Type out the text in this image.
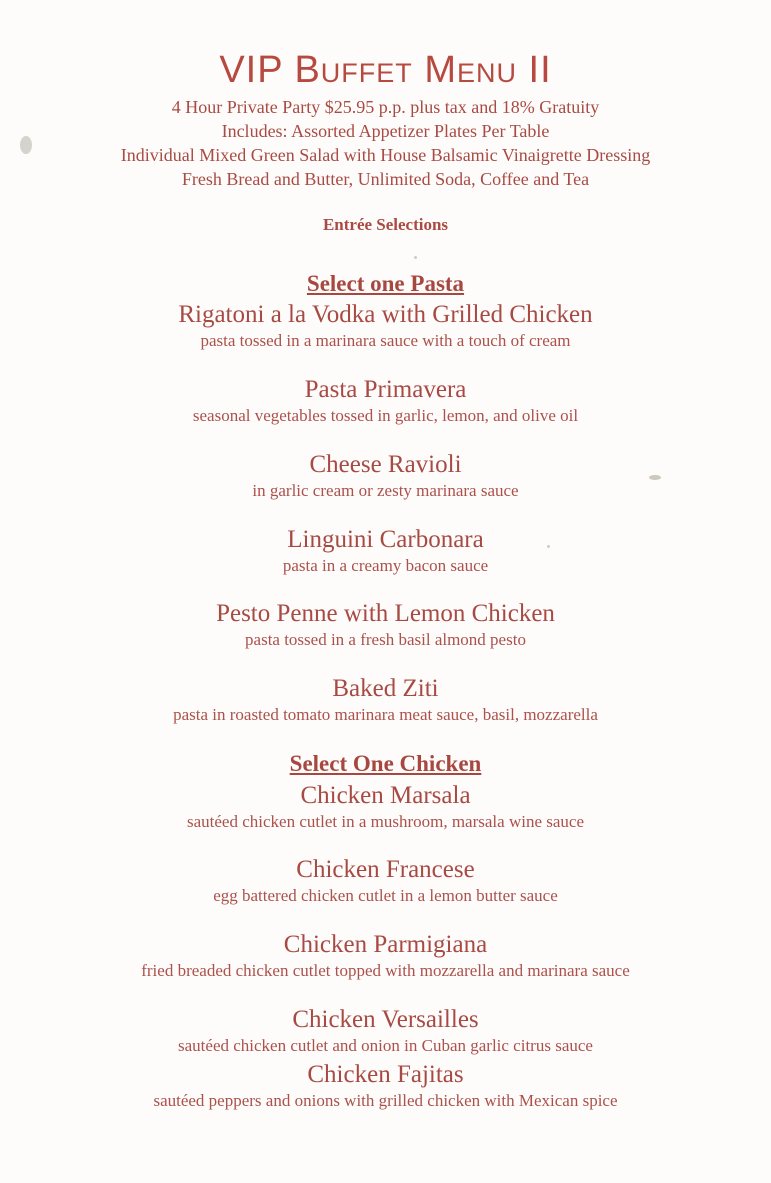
VIP Buffet Menu II
4 Hour Private Party $25.95 p.p. plus tax and 18% Gratuity
Includes: Assorted Appetizer Plates Per Table
Individual Mixed Green Salad with House Balsamic Vinaigrette Dressing
Fresh Bread and Butter, Unlimited Soda, Coffee and Tea
Entrée Selections
Select one Pasta
Rigatoni a la Vodka with Grilled Chicken
pasta tossed in a marinara sauce with a touch of cream
Pasta Primavera
seasonal vegetables tossed in garlic, lemon, and olive oil
Cheese Ravioli
in garlic cream or zesty marinara sauce
Linguini Carbonara
pasta in a creamy bacon sauce
Pesto Penne with Lemon Chicken
pasta tossed in a fresh basil almond pesto
Baked Ziti
pasta in roasted tomato marinara meat sauce, basil, mozzarella
Select One Chicken
Chicken Marsala
sautéed chicken cutlet in a mushroom, marsala wine sauce
Chicken Francese
egg battered chicken cutlet in a lemon butter sauce
Chicken Parmigiana
fried breaded chicken cutlet topped with mozzarella and marinara sauce
Chicken Versailles
sautéed chicken cutlet and onion in Cuban garlic citrus sauce
Chicken Fajitas
sautéed peppers and onions with grilled chicken with Mexican spice
